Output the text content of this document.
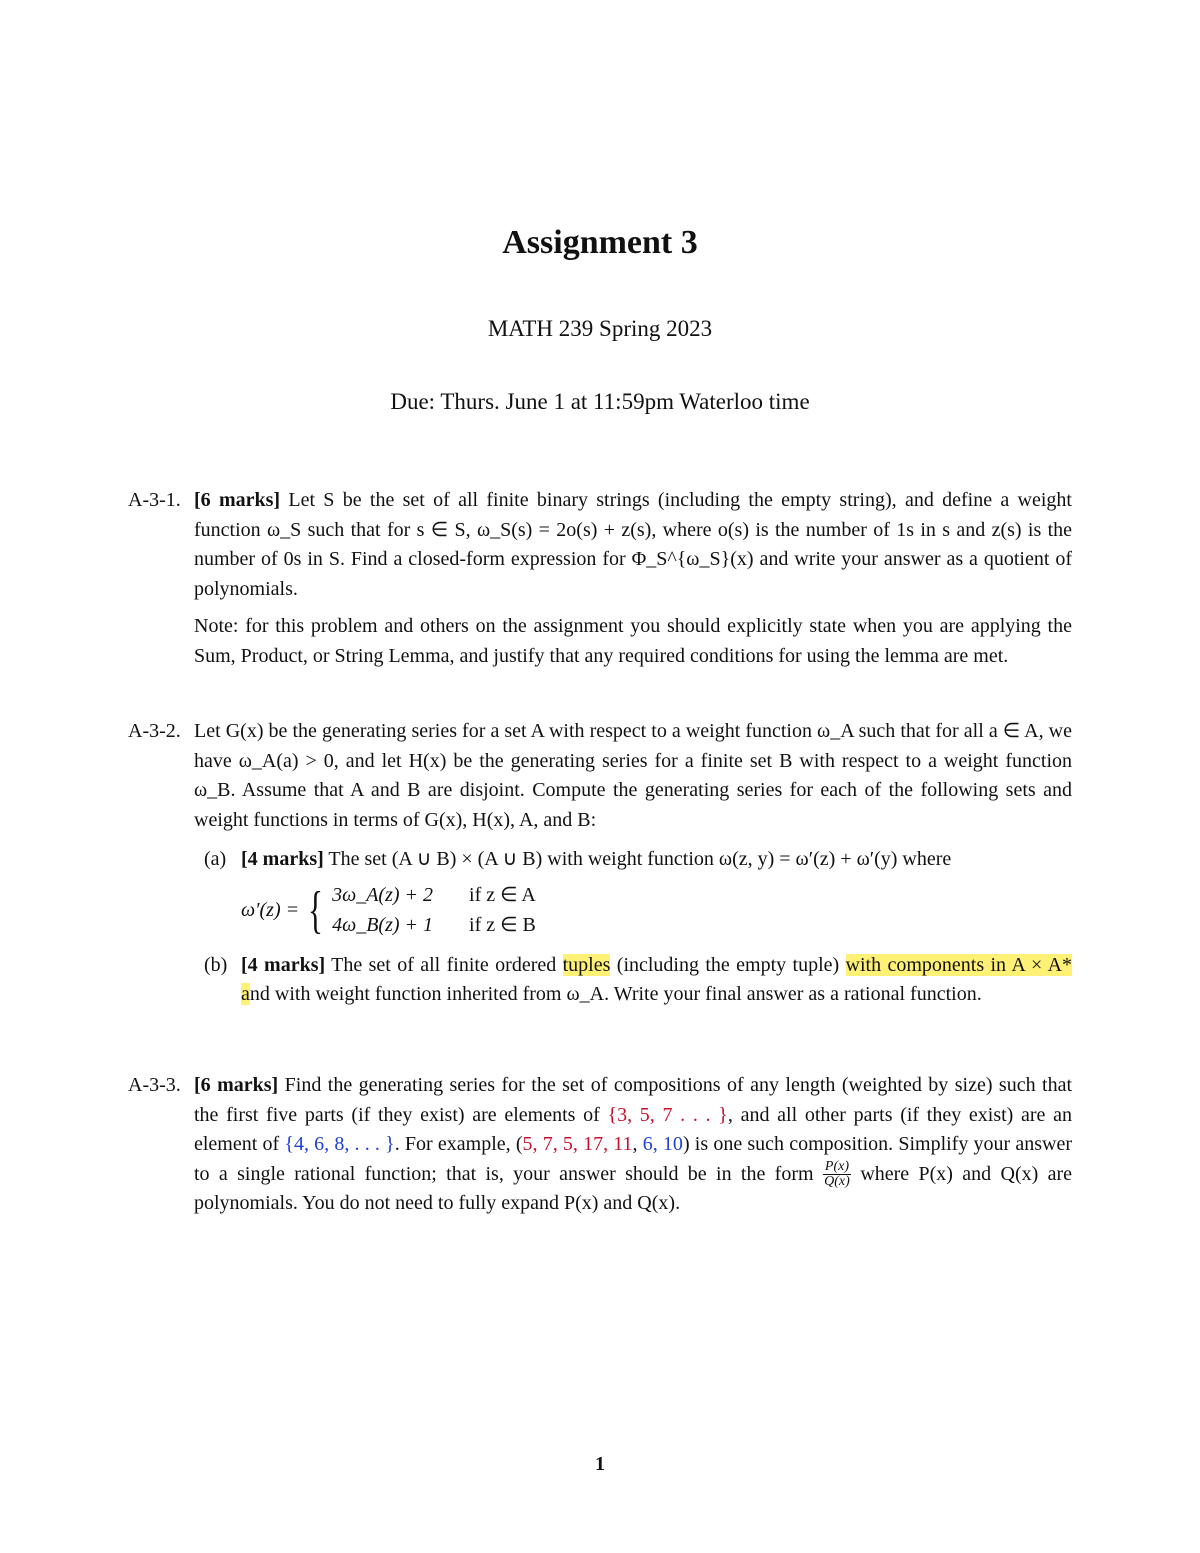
Assignment 3
MATH 239 Spring 2023
Due: Thurs. June 1 at 11:59pm Waterloo time
A-3-1. [6 marks] Let S be the set of all finite binary strings (including the empty string), and define a weight function ω_S such that for s ∈ S, ω_S(s) = 2o(s) + z(s), where o(s) is the number of 1s in s and z(s) is the number of 0s in S. Find a closed-form expression for Φ_S^{ω_S}(x) and write your answer as a quotient of polynomials.

Note: for this problem and others on the assignment you should explicitly state when you are applying the Sum, Product, or String Lemma, and justify that any required conditions for using the lemma are met.

A-3-2. Let G(x) be the generating series for a set A with respect to a weight function ω_A such that for all a ∈ A, we have ω_A(a) > 0, and let H(x) be the generating series for a finite set B with respect to a weight function ω_B. Assume that A and B are disjoint. Compute the generating series for each of the following sets and weight functions in terms of G(x), H(x), A, and B:

(a) [4 marks] The set (A ∪ B) × (A ∪ B) with weight function ω(z, y) = ω′(z) + ω′(y) where
ω′(z) = { 3ω_A(z) + 2 if z ∈ A
4ω_B(z) + 1 if z ∈ B
(b) [4 marks] The set of all finite ordered tuples (including the empty tuple) with components in A × A* and with weight function inherited from ω_A. Write your final answer as a rational function.
A-3-3. [6 marks] Find the generating series for the set of compositions of any length (weighted by size) such that the first five parts (if they exist) are elements of {3, 5, 7 . . . }, and all other parts (if they exist) are an element of {4, 6, 8, . . . }. For example, (5, 7, 5, 17, 11, 6, 10) is one such composition. Simplify your answer to a single rational function; that is, your answer should be in the form $\frac{P(x)}{Q(x)}$ where P(x) and Q(x) are polynomials. You do not need to fully expand P(x) and Q(x).

1
